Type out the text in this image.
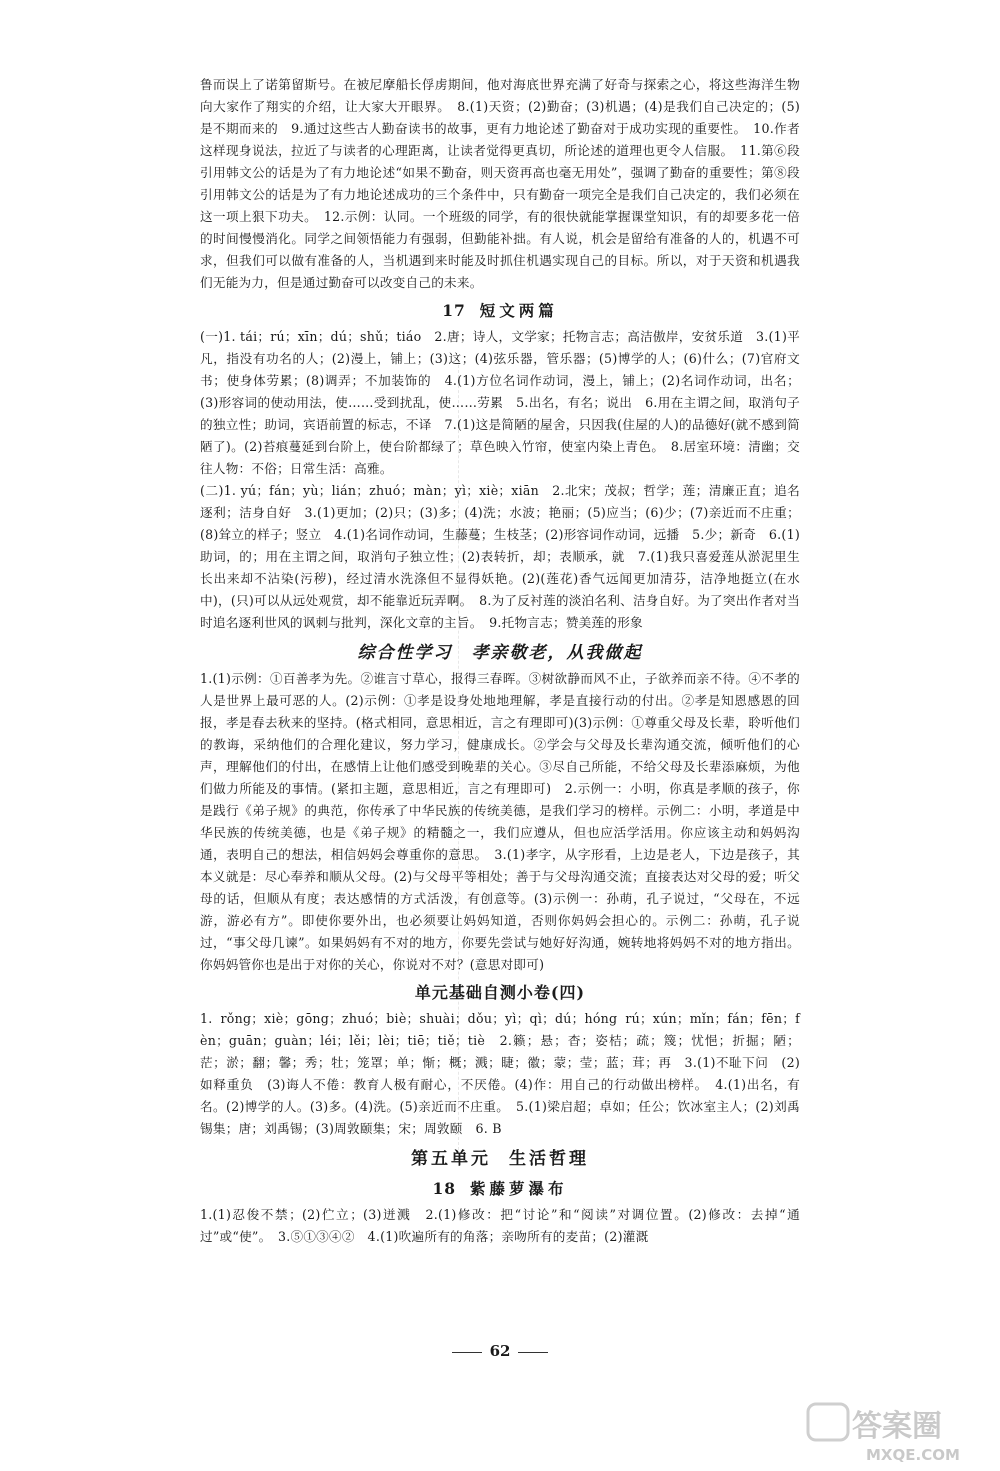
鲁而误上了诺第留斯号。在被尼摩船长俘虏期间，他对海底世界充满了好奇与探索之心，将这些海洋生物向大家作了翔实的介绍，让大家大开眼界。　8.(1)天资；(2)勤奋；(3)机遇；(4)是我们自己决定的；(5)是不期而来的　9.通过这些古人勤奋读书的故事，更有力地论述了勤奋对于成功实现的重要性。　10.作者这样现身说法，拉近了与读者的心理距离，让读者觉得更真切，所论述的道理也更令人信服。　11.第⑥段引用韩文公的话是为了有力地论述“如果不勤奋，则天资再高也毫无用处”，强调了勤奋的重要性；第⑧段引用韩文公的话是为了有力地论述成功的三个条件中，只有勤奋一项完全是我们自己决定的，我们必须在这一项上狠下功夫。　12.示例：认同。一个班级的同学，有的很快就能掌握课堂知识，有的却要多花一倍的时间慢慢消化。同学之间领悟能力有强弱，但勤能补拙。有人说，机会是留给有准备的人的，机遇不可求，但我们可以做有准备的人，当机遇到来时能及时抓住机遇实现自己的目标。所以，对于天资和机遇我们无能为力，但是通过勤奋可以改变自己的未来。

17 短文两篇

(一)1. tái；rú；xīn；dú；shǔ；tiáo　2.唐；诗人，文学家；托物言志；高洁傲岸，安贫乐道　3.(1)平凡，指没有功名的人；(2)漫上，铺上；(3)这；(4)弦乐器，管乐器；(5)博学的人；(6)什么；(7)官府文书；使身体劳累；(8)调弄；不加装饰的　4.(1)方位名词作动词，漫上，铺上；(2)名词作动词，出名；(3)形容词的使动用法，使……受到扰乱，使……劳累　5.出名，有名；说出　6.用在主谓之间，取消句子的独立性；助词，宾语前置的标志，不译　7.(1)这是简陋的屋舍，只因我(住屋的人)的品德好(就不感到简陋了)。(2)苔痕蔓延到台阶上，使台阶都绿了；草色映入竹帘，使室内染上青色。　8.居室环境：清幽；交往人物：不俗；日常生活：高雅。

(二)1. yú；fán；yù；lián；zhuó；màn；yì；xiè；xiān　2.北宋；茂叔；哲学；莲；清廉正直；追名逐利；洁身自好　3.(1)更加；(2)只；(3)多；(4)洗；水波；艳丽；(5)应当；(6)少；(7)亲近而不庄重；(8)耸立的样子；竖立　4.(1)名词作动词，生藤蔓；生枝茎；(2)形容词作动词，远播　5.少；新奇　6.(1)助词，的；用在主谓之间，取消句子独立性；(2)表转折，却；表顺承，就　7.(1)我只喜爱莲从淤泥里生长出来却不沾染(污秽)，经过清水洗涤但不显得妖艳。(2)(莲花)香气远闻更加清芬，洁净地挺立(在水中)，(只)可以从远处观赏，却不能靠近玩弄啊。　8.为了反衬莲的淡泊名利、洁身自好。为了突出作者对当时追名逐利世风的讽刺与批判，深化文章的主旨。　9.托物言志；赞美莲的形象

综合性学习　孝亲敬老，从我做起

1.(1)示例：①百善孝为先。②谁言寸草心，报得三春晖。③树欲静而风不止，子欲养而亲不待。④不孝的人是世界上最可恶的人。(2)示例：①孝是设身处地地理解，孝是直接行动的付出。②孝是知恩感恩的回报，孝是春去秋来的坚持。(格式相同，意思相近，言之有理即可)(3)示例：①尊重父母及长辈，聆听他们的教诲，采纳他们的合理化建议，努力学习，健康成长。②学会与父母及长辈沟通交流，倾听他们的心声，理解他们的付出，在感情上让他们感受到晚辈的关心。③尽自己所能，不给父母及长辈添麻烦，为他们做力所能及的事情。(紧扣主题，意思相近，言之有理即可)　2.示例一：小明，你真是孝顺的孩子，你是践行《弟子规》的典范，你传承了中华民族的传统美德，是我们学习的榜样。示例二：小明，孝道是中华民族的传统美德，也是《弟子规》的精髓之一，我们应遵从，但也应活学活用。你应该主动和妈妈沟通，表明自己的想法，相信妈妈会尊重你的意思。　3.(1)孝字，从字形看，上边是老人，下边是孩子，其本义就是：尽心奉养和顺从父母。(2)与父母平等相处；善于与父母沟通交流；直接表达对父母的爱；听父母的话，但顺从有度；表达感情的方式活泼，有创意等。(3)示例一：孙萌，孔子说过，“父母在，不远游，游必有方”。即使你要外出，也必须要让妈妈知道，否则你妈妈会担心的。示例二：孙萌，孔子说过，“事父母几谏”。如果妈妈有不对的地方，你要先尝试与她好好沟通，婉转地将妈妈不对的地方指出。你妈妈管你也是出于对你的关心，你说对不对？(意思对即可)

单元基础自测小卷(四)

1. rǒng；xiè；gōng；zhuó；biè；shuài；dǒu；yì；qì；dú；hóng rú；xún；mǐn；fán；fēn；fèn；guān；guàn；léi；lěi；lèi；tiē；tiě；tiè　2.籁；悬；杳；姿桔；疏；篾；忧悒；折掘；陋；茫；淤；翻；馨；秀；牡；笼罩；单；惭；概；溅；睫；徽；蒙；莹；蓝；茸；再　3.(1)不耻下问　(2)如释重负　(3)诲人不倦：教育人极有耐心，不厌倦。(4)作：用自己的行动做出榜样。　4.(1)出名，有名。(2)博学的人。(3)多。(4)洗。(5)亲近而不庄重。　5.(1)梁启超；卓如；任公；饮冰室主人；(2)刘禹锡集；唐；刘禹锡；(3)周敦颐集；宋；周敦颐　6. B

第五单元 生活哲理
18 紫藤萝瀑布

1.(1)忍俊不禁；(2)伫立；(3)迸溅　2.(1)修改：把“讨论”和“阅读”对调位置。(2)修改：去掉“通过”或“使”。　3.⑤①③④②　4.(1)吹遍所有的角落；亲吻所有的麦苗；(2)灌溉

62
答案圈
MXQE.COM
